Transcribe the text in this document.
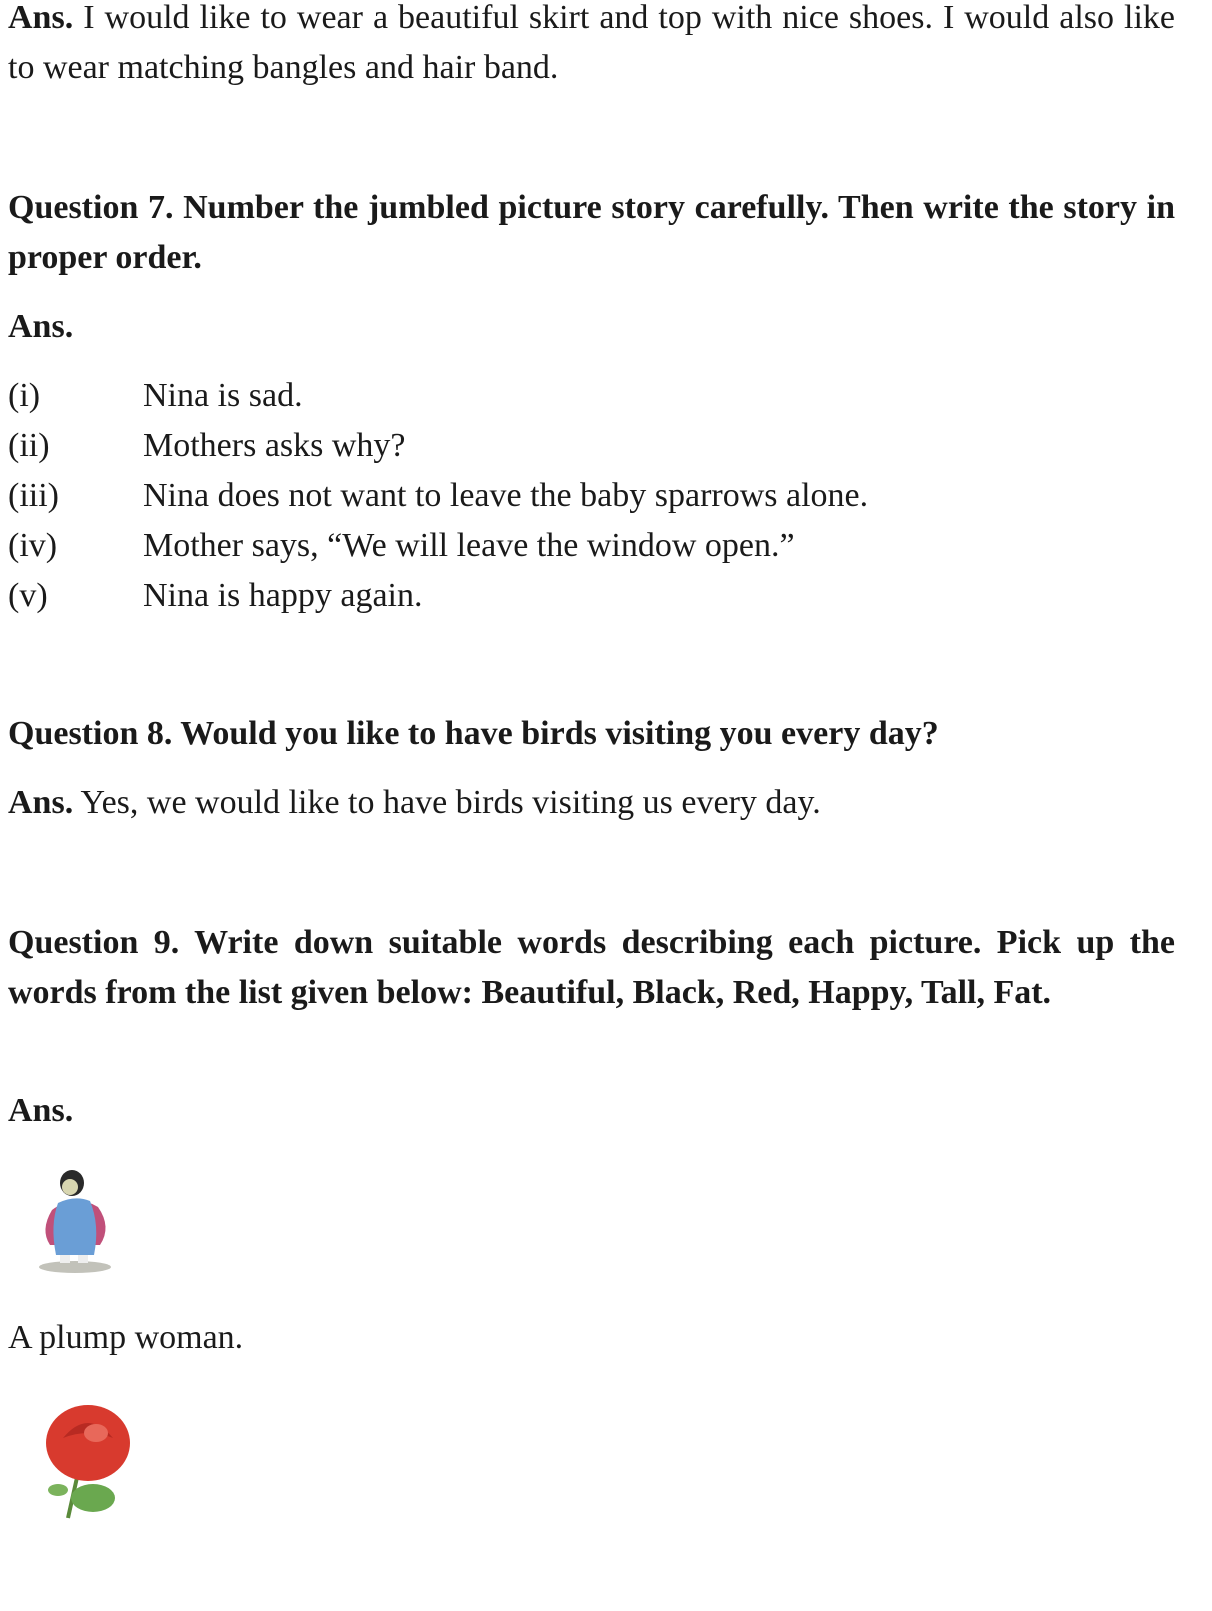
Ans. I would like to wear a beautiful skirt and top with nice shoes. I would also like to wear matching bangles and hair band.
Question 7. Number the jumbled picture story carefully. Then write the story in proper order.
Ans.
(i)	Nina is sad.
(ii)	Mothers asks why?
(iii) Nina does not want to leave the baby sparrows alone.
(iv)	Mother says, “We will leave the window open.”
(v)	Nina is happy again.
Question 8. Would you like to have birds visiting you every day?
Ans. Yes, we would like to have birds visiting us every day.
Question 9. Write down suitable words describing each picture. Pick up the words from the list given below: Beautiful, Black, Red, Happy, Tall, Fat.
Ans.
A plump woman.
